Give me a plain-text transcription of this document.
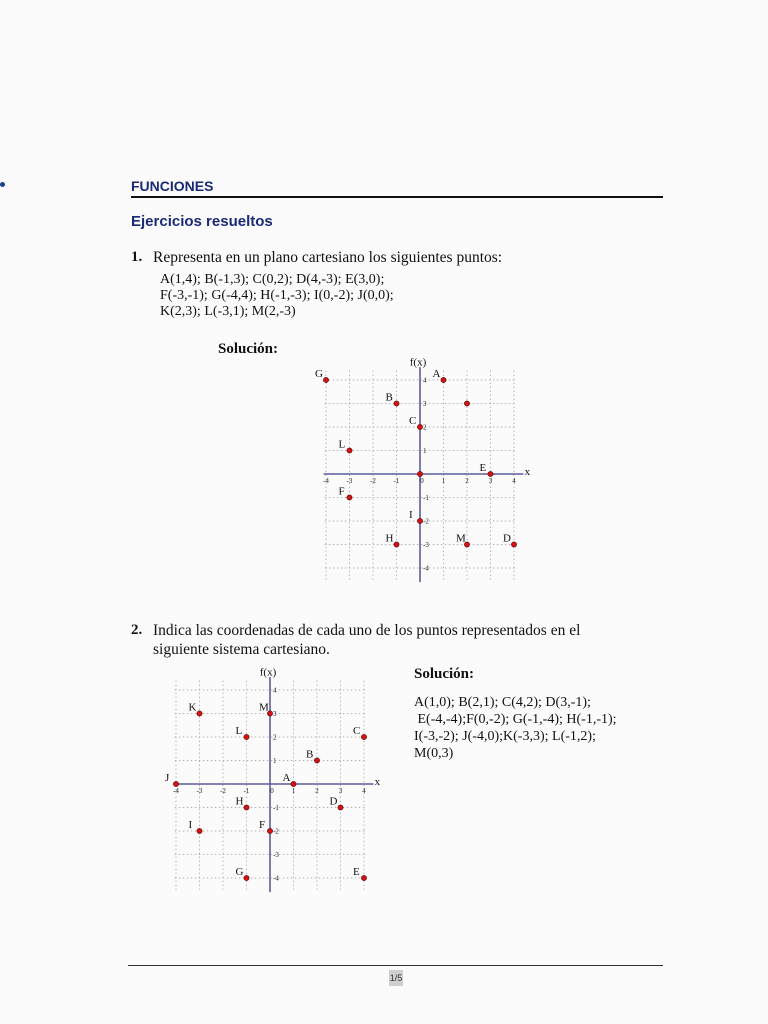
FUNCIONES
Ejercicios resueltos
1. Representa en un plano cartesiano los siguientes puntos:
A(1,4); B(-1,3); C(0,2); D(4,-3); E(3,0);
F(-3,-1); G(-4,4); H(-1,-3); I(0,-2); J(0,0);
K(2,3); L(-3,1); M(2,-3)
Solución:
x
f(x)
-4	-3	-2	-1	0	1	2	3	4
4
3
2
1
-1
-2
-3
-4
A
B
C
D
E
F
G
H
I
L
M
2. Indica las coordenadas de cada uno de los puntos representados en el
siguiente sistema cartesiano.
x
f(x)
-4	-3	-2	-1	0	1	2	3	4
4
3
2
1
-1
-2
-3
-4
A
B
C
D
E
F
G
H
I
J
K
L
M
Solución:
A(1,0); B(2,1); C(4,2); D(3,-1);
E(-4,-4);F(0,-2); G(-1,-4); H(-1,-1);
I(-3,-2); J(-4,0);K(-3,3); L(-1,2);
M(0,3)
1/5
